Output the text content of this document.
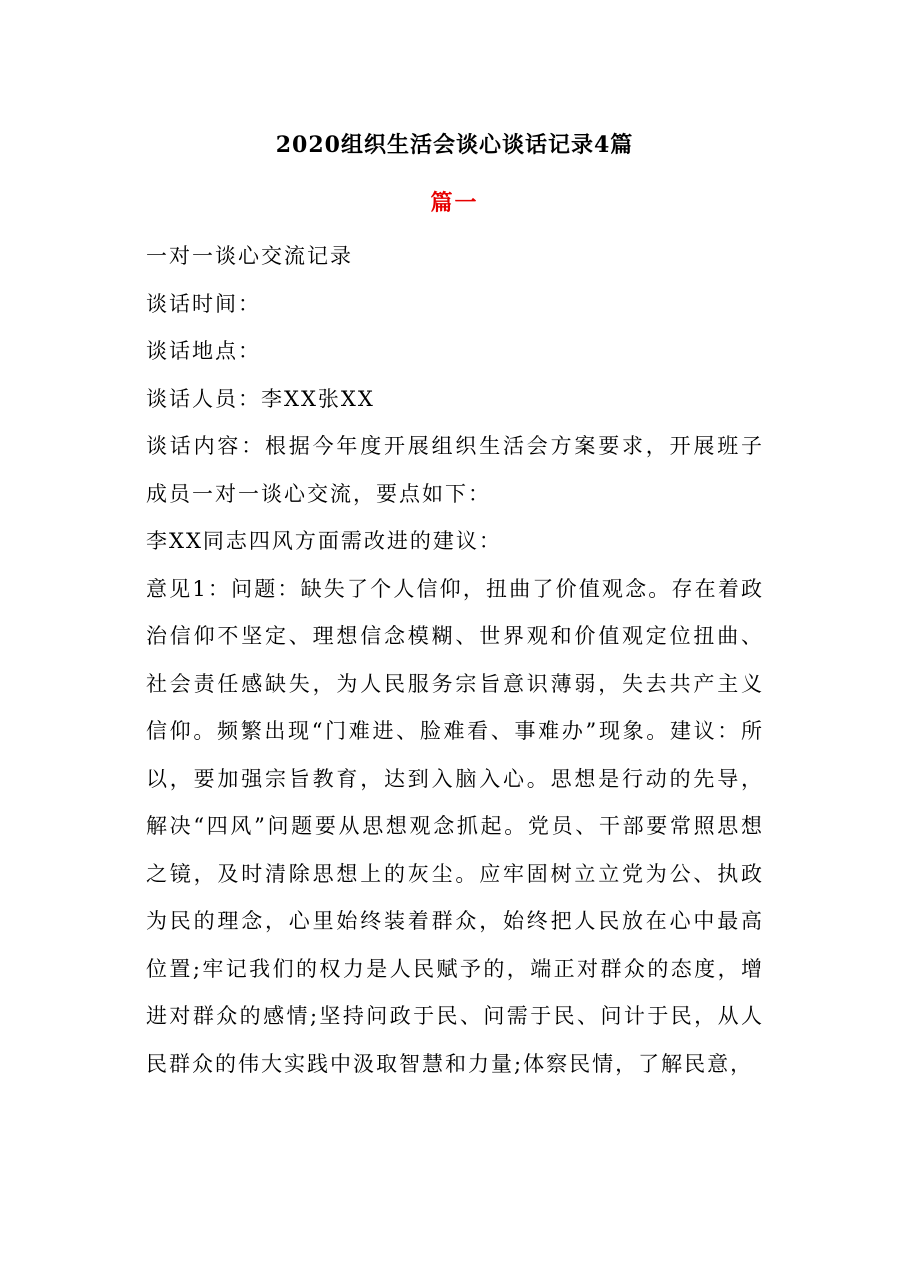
2020组织生活会谈心谈话记录4篇
篇一

一对一谈心交流记录

谈话时间：

谈话地点：

谈话人员：李XX张XX

谈话内容：根据今年度开展组织生活会方案要求，开展班子成员一对一谈心交流，要点如下：

李XX同志四风方面需改进的建议：

意见1：问题：缺失了个人信仰，扭曲了价值观念。存在着政治信仰不坚定、理想信念模糊、世界观和价值观定位扭曲、社会责任感缺失，为人民服务宗旨意识薄弱，失去共产主义信仰。频繁出现“门难进、脸难看、事难办”现象。建议：所以，要加强宗旨教育，达到入脑入心。思想是行动的先导，解决“四风”问题要从思想观念抓起。党员、干部要常照思想之镜，及时清除思想上的灰尘。应牢固树立立党为公、执政为民的理念，心里始终装着群众，始终把人民放在心中最高位置;牢记我们的权力是人民赋予的，端正对群众的态度，增进对群众的感情;坚持问政于民、问需于民、问计于民，从人民群众的伟大实践中汲取智慧和力量;体察民情，了解民意，
